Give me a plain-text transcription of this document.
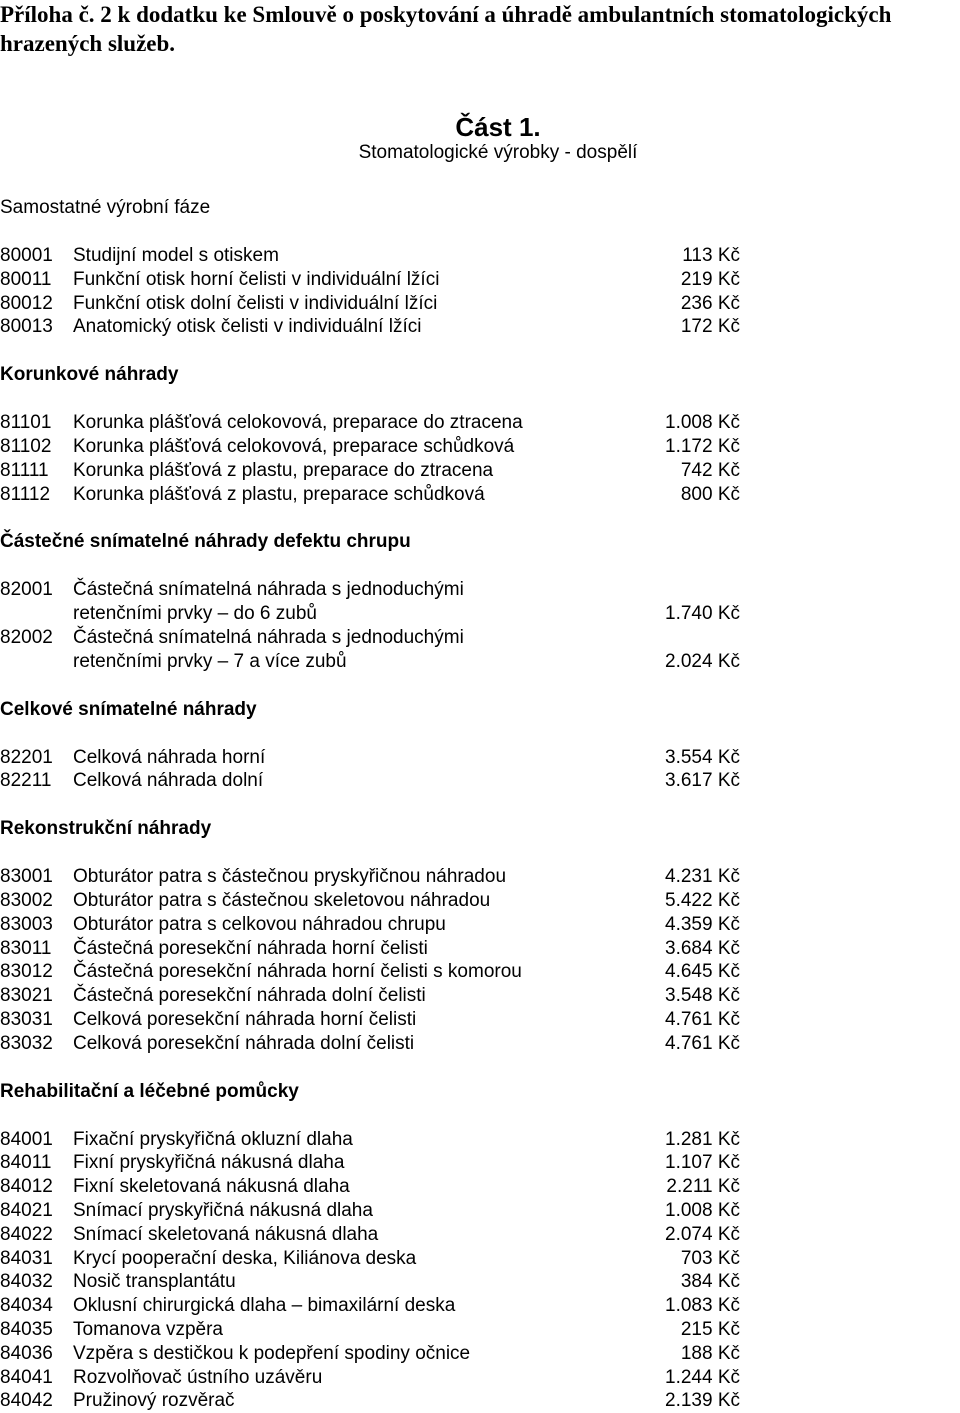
Příloha č. 2 k dodatku ke Smlouvě o poskytování a úhradě ambulantních stomatologických
hrazených služeb.
Část 1.
Stomatologické výrobky - dospělí
Samostatné výrobní fáze
80001 Studijní model s otiskem	113 Kč
80011 Funkční otisk horní čelisti v individuální lžíci	219 Kč
80012 Funkční otisk dolní čelisti v individuální lžíci	236 Kč
80013 Anatomický otisk čelisti v individuální lžíci	172 Kč
Korunkové náhrady
81101 Korunka plášťová celokovová, preparace do ztracena	1.008 Kč
81102 Korunka plášťová celokovová, preparace schůdková	1.172 Kč
81111 Korunka plášťová z plastu, preparace do ztracena	742 Kč
81112 Korunka plášťová z plastu, preparace schůdková	800 Kč
Částečné snímatelné náhrady defektu chrupu
82001 Částečná snímatelná náhrada s jednoduchými
retenčními prvky – do 6 zubů	1.740 Kč
82002 Částečná snímatelná náhrada s jednoduchými
retenčními prvky – 7 a více zubů	2.024 Kč
Celkové snímatelné náhrady
82201 Celková náhrada horní	3.554 Kč
82211 Celková náhrada dolní	3.617 Kč
Rekonstrukční náhrady
83001 Obturátor patra s částečnou pryskyřičnou náhradou	4.231 Kč
83002 Obturátor patra s částečnou skeletovou náhradou	5.422 Kč
83003 Obturátor patra s celkovou náhradou chrupu	4.359 Kč
83011 Částečná poresekční náhrada horní čelisti	3.684 Kč
83012 Částečná poresekční náhrada horní čelisti s komorou	4.645 Kč
83021 Částečná poresekční náhrada dolní čelisti	3.548 Kč
83031 Celková poresekční náhrada horní čelisti	4.761 Kč
83032 Celková poresekční náhrada dolní čelisti	4.761 Kč
Rehabilitační a léčebné pomůcky
84001 Fixační pryskyřičná okluzní dlaha	1.281 Kč
84011 Fixní pryskyřičná nákusná dlaha	1.107 Kč
84012 Fixní skeletovaná nákusná dlaha	2.211 Kč
84021 Snímací pryskyřičná nákusná dlaha	1.008 Kč
84022 Snímací skeletovaná nákusná dlaha	2.074 Kč
84031 Krycí pooperační deska, Kiliánova deska	703 Kč
84032 Nosič transplantátu	384 Kč
84034 Oklusní chirurgická dlaha – bimaxilární deska	1.083 Kč
84035 Tomanova vzpěra	215 Kč
84036 Vzpěra s destičkou k podepření spodiny očnice	188 Kč
84041 Rozvolňovač ústního uzávěru	1.244 Kč
84042 Pružinový rozvěrač	2.139 Kč
